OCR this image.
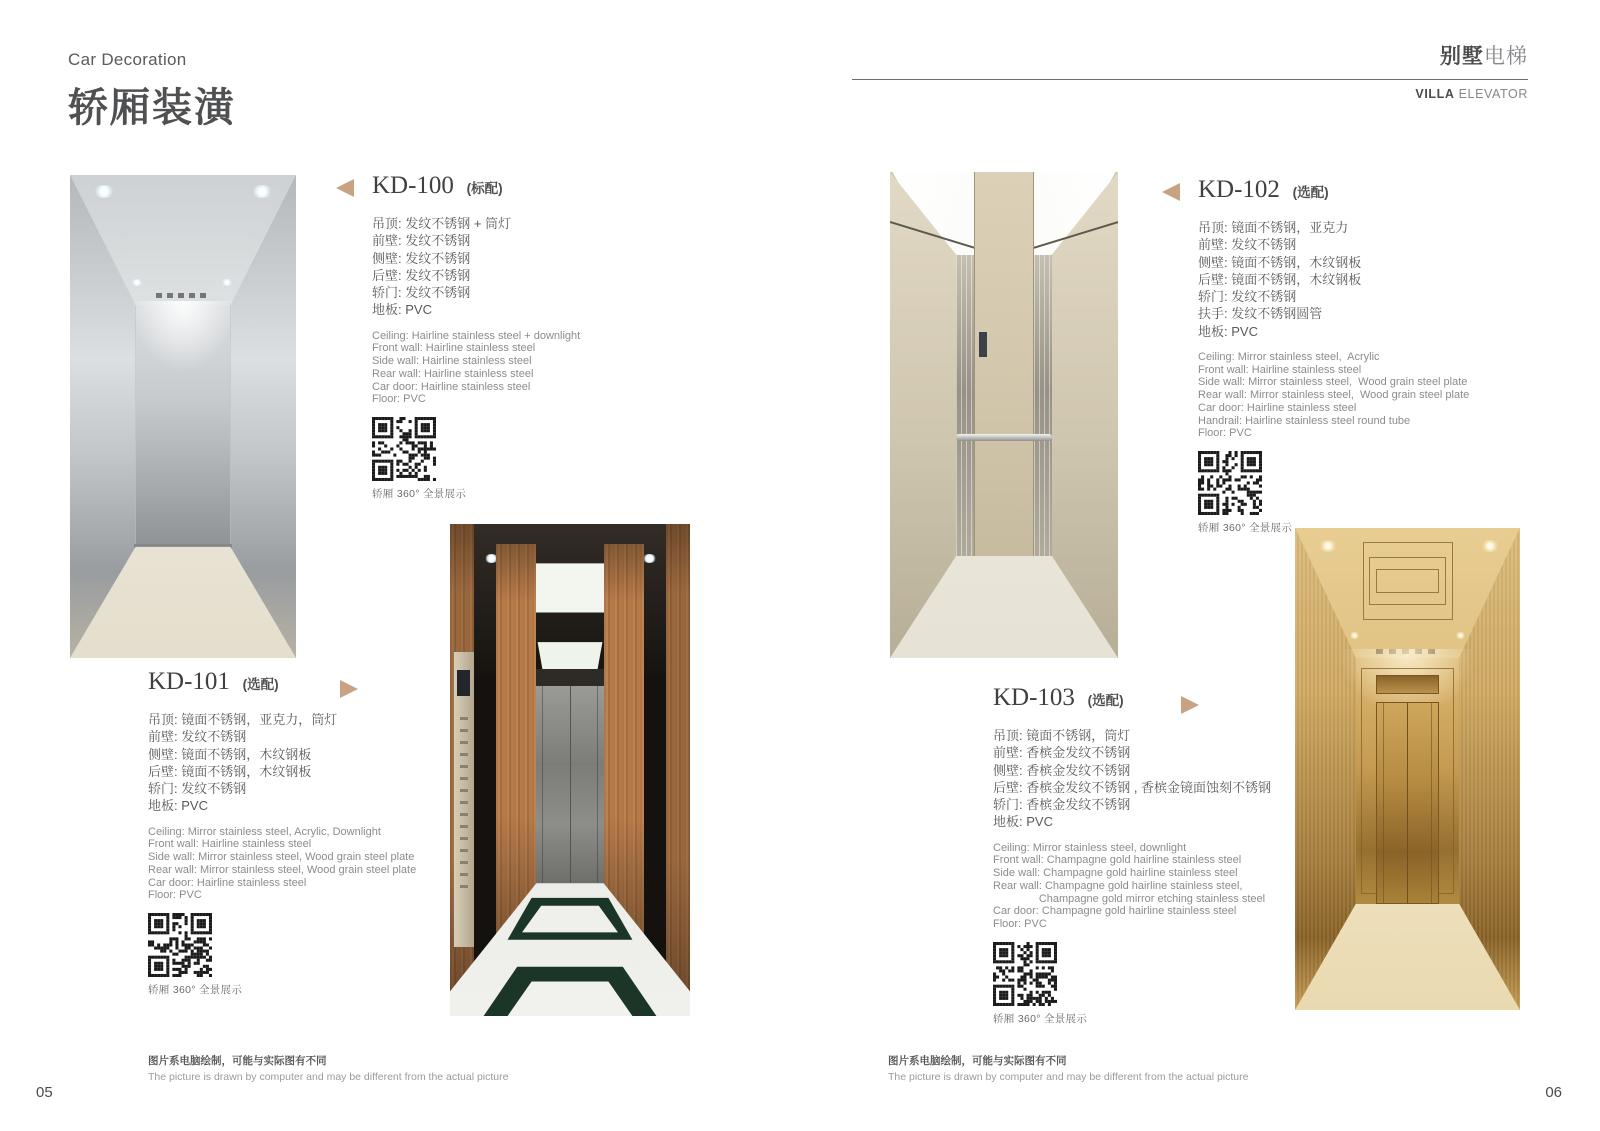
Car Decoration
轿厢装潢
别墅电梯
VILLA ELEVATOR
KD-100 (标配)
吊顶: 发纹不锈钢 + 筒灯
前壁: 发纹不锈钢
侧壁: 发纹不锈钢
后壁: 发纹不锈钢
轿门: 发纹不锈钢
地板: PVC
Ceiling: Hairline stainless steel + downlight
Front wall: Hairline stainless steel
Side wall: Hairline stainless steel
Rear wall: Hairline stainless steel
Car door: Hairline stainless steel
Floor: PVC
轿厢 360° 全景展示
KD-101 (选配)
吊顶: 镜面不锈钢，亚克力，筒灯
前壁: 发纹不锈钢
侧壁: 镜面不锈钢，木纹钢板
后壁: 镜面不锈钢，木纹钢板
轿门: 发纹不锈钢
地板: PVC
Ceiling: Mirror stainless steel, Acrylic, Downlight
Front wall: Hairline stainless steel
Side wall: Mirror stainless steel, Wood grain steel plate
Rear wall: Mirror stainless steel, Wood grain steel plate
Car door: Hairline stainless steel
Floor: PVC
轿厢 360° 全景展示
KD-102 (选配)
吊顶: 镜面不锈钢，亚克力
前壁: 发纹不锈钢
侧壁: 镜面不锈钢，木纹钢板
后壁: 镜面不锈钢，木纹钢板
轿门: 发纹不锈钢
扶手: 发纹不锈钢圆管
地板: PVC
Ceiling: Mirror stainless steel,  Acrylic
Front wall: Hairline stainless steel
Side wall: Mirror stainless steel,  Wood grain steel plate
Rear wall: Mirror stainless steel,  Wood grain steel plate
Car door: Hairline stainless steel
Handrail: Hairline stainless steel round tube
Floor: PVC
轿厢 360° 全景展示
KD-103 (选配)
吊顶: 镜面不锈钢，筒灯
前壁: 香槟金发纹不锈钢
侧壁: 香槟金发纹不锈钢
后壁: 香槟金发纹不锈钢 , 香槟金镜面蚀刻不锈钢
轿门: 香槟金发纹不锈钢
地板: PVC
Ceiling: Mirror stainless steel, downlight
Front wall: Champagne gold hairline stainless steel
Side wall: Champagne gold hairline stainless steel
Rear wall: Champagne gold hairline stainless steel,
Champagne gold mirror etching stainless steel
Car door: Champagne gold hairline stainless steel
Floor: PVC
轿厢 360° 全景展示
图片系电脑绘制，可能与实际图有不同
The picture is drawn by computer and may be different from the actual picture
图片系电脑绘制，可能与实际图有不同
The picture is drawn by computer and may be different from the actual picture
05	06
